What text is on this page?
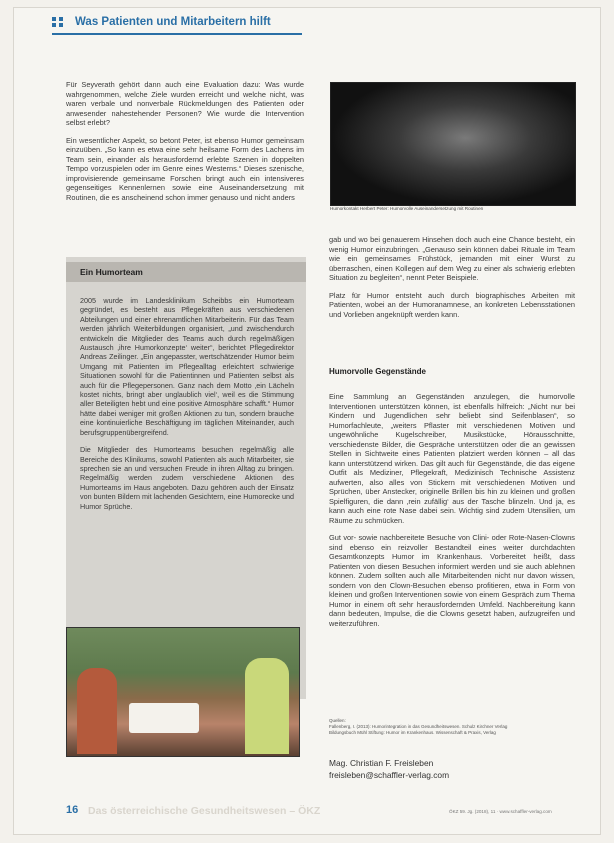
Was Patienten und Mitarbeitern hilft

Für Seyverath gehört dann auch eine Evaluation dazu: Was wurde wahrgenommen, welche Ziele wurden erreicht und welche nicht, was waren verbale und nonverbale Rückmeldungen des Patienten oder anwesender nahestehender Personen? Wie wurde die Intervention selbst erlebt?

Ein wesentlicher Aspekt, so betont Peter, ist ebenso Humor gemeinsam einzuüben. „So kann es etwa eine sehr heilsame Form des Lachens im Team sein, einander als herausfordernd erlebte Szenen in doppelten Tempo vorzuspielen oder im Genre eines Westerns.“ Dieses szenische, improvisierende gemeinsame Forschen bringt auch ein intensiveres gegenseitiges Kennenlernen sowie eine Auseinandersetzung mit Routinen, die es anscheinend schon immer genauso und nicht anders

Humorkontakt Herbert Peter: Humorvolle Auseinandersetzung mit Routinen
Ein Humorteam

2005 wurde im Landesklinikum Scheibbs ein Humorteam gegründet, es besteht aus Pflegekräften aus verschiedenen Abteilungen und einer ehrenamtlichen Mitarbeiterin. Für das Team werden jährlich Weiterbildungen organisiert, „und zwischendurch entwickeln die Mitglieder des Teams auch durch regelmäßigen Austausch ‚ihre Humorkonzepte‘ weiter“, berichtet Pflegedirektor Andreas Zeilinger. „Ein angepasster, wertschätzender Humor beim Umgang mit Patienten im Pflegealltag erleichtert schwierige Situationen sowohl für die Patientinnen und Patienten selbst als auch für die Pflegepersonen. Ganz nach dem Motto ‚ein Lächeln kostet nichts, bringt aber unglaublich viel‘, weil es die Stimmung aller Beteiligten hebt und eine positive Atmosphäre schafft.“ Humor hätte dabei weniger mit großen Aktionen zu tun, sondern brauche eine kontinuierliche Beschäftigung im täglichen Miteinander, auch berufsgruppenübergreifend.

Die Mitglieder des Humorteams besuchen regelmäßig alle Bereiche des Klinikums, sowohl Patienten als auch Mitarbeiter, sie sprechen sie an und versuchen Freude in ihren Alltag zu bringen. Regelmäßig werden zudem verschiedene Aktionen des Humorteams im Haus angeboten. Dazu gehören auch der Einsatz von bunten Bildern mit lachenden Gesichtern, eine Humorecke und Humor Sprüche.

gab und wo bei genauerem Hinsehen doch auch eine Chance besteht, ein wenig Humor einzubringen. „Genauso sein können dabei Rituale im Team wie ein gemeinsames Frühstück, jemanden mit einer Wurst zu überraschen, einen Kollegen auf dem Weg zu einer als schwierig erlebten Situation zu begleiten“, nennt Peter Beispiele.

Platz für Humor entsteht auch durch biographisches Arbeiten mit Patienten, wobei an der Humoranamnese, an konkreten Lebensstationen und Vorlieben angeknüpft werden kann.

Humorvolle Gegenstände

Eine Sammlung an Gegenständen anzulegen, die humorvolle Interventionen unterstützen können, ist ebenfalls hilfreich: „Nicht nur bei Kindern und Jugendlichen sehr beliebt sind Seifenblasen“, so Humorfachleute, „weiters Pflaster mit verschiedenen Motiven und ungewöhnliche Kugelschreiber, Musikstücke, Hörausschnitte, verschiedenste Bilder, die Gespräche unterstützen oder die an gewissen Stellen in Sichtweite eines Patienten platziert werden können – all das kann unterstützend wirken. Das gilt auch für Gegenstände, die das eigene Outfit als Mediziner, Pflegekraft, Medizinisch Technische Assistenz aufwerten, also alles von Stickern mit verschiedenen Motiven und Sprüchen, über Anstecker, originelle Brillen bis hin zu kleinen und großen Spielfiguren, die dann ‚rein zufällig‘ aus der Tasche blinzeln. Und ja, es kann auch eine rote Nase dabei sein. Wichtig sind zudem Utensilien, um Räume zu schmücken.

Gut vor- sowie nachbereitete Besuche von Clini- oder Rote-Nasen-Clowns sind ebenso ein reizvoller Bestandteil eines weiter durchdachten Gesamtkonzepts Humor im Krankenhaus. Vorbereitet heißt, dass Patienten von diesen Besuchen informiert werden und sie auch ablehnen können. Zudem sollten auch alle Mitarbeitenden nicht nur davon wissen, sondern von den Clown-Besuchen ebenso profitieren, etwa in Form von kleinen und großen Interventionen sowie von einem Gespräch zum Thema Humor in einem oft sehr herausfordernden Umfeld. Nachbereitung kann dann bedeuten, Impulse, die die Clowns gesetzt haben, aufzugreifen und weiterzuführen.

Quellen:
Fallenberg, I. (2013): Humorintegration in das Gesundheitswesen. Schulz Kirchner Verlag
Bildungsbuch Mühl Stiftung: Humor im Krankenhaus. Wissenschaft & Praxis, Verlag
Mag. Christian F. Freisleben
freisleben@schaffler-verlag.com
16 Das österreichische Gesundheitswesen – ÖKZ	ÖKZ 59. Jg. (2018), 11 · www.schaffler-verlag.com
